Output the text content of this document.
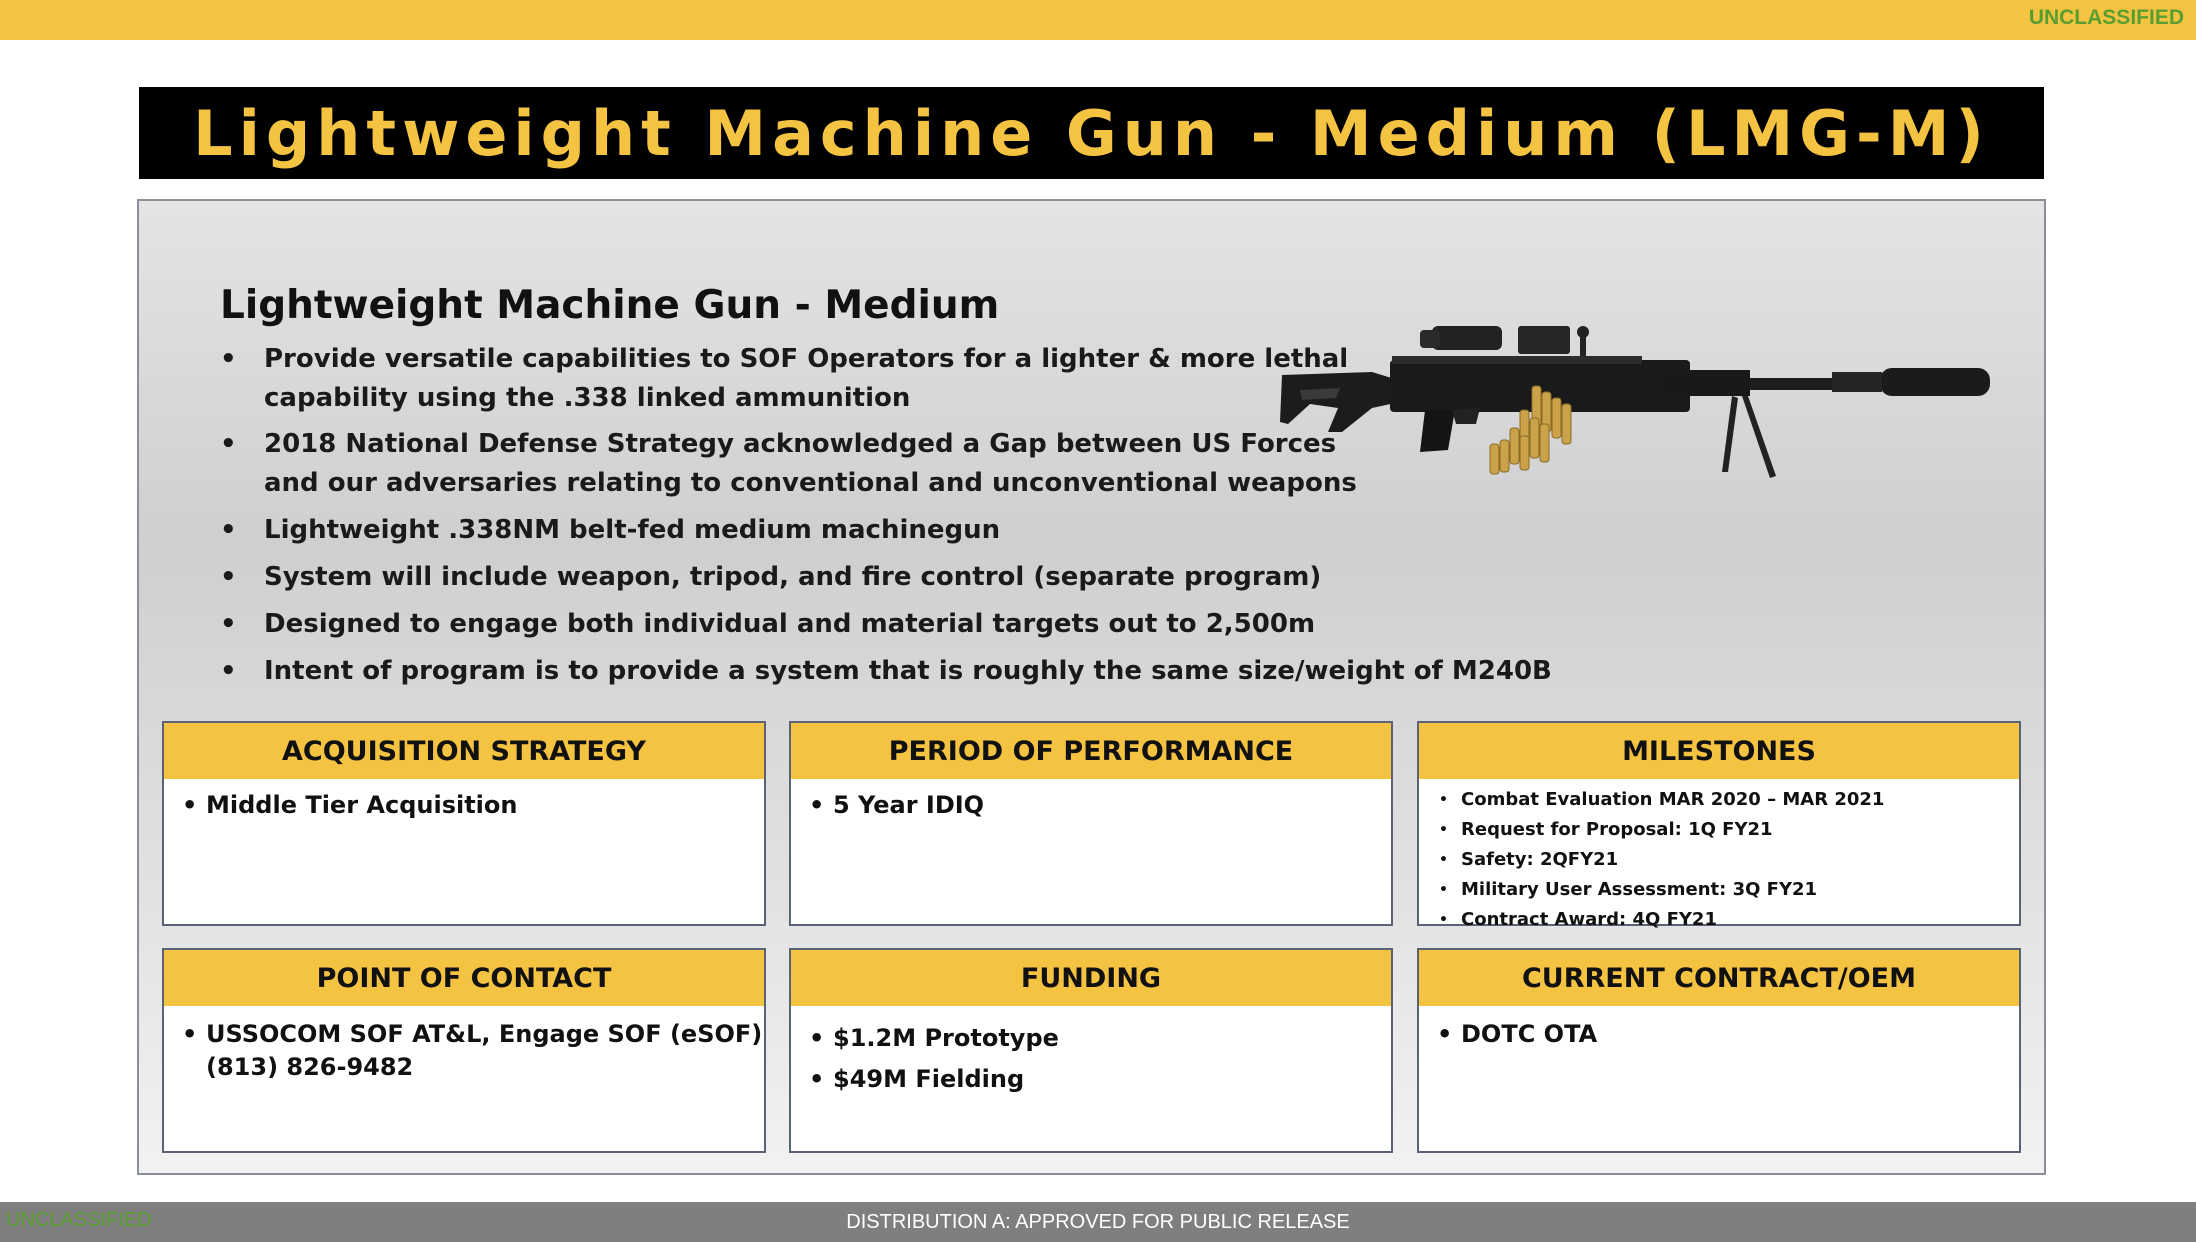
UNCLASSIFIED
Lightweight Machine Gun - Medium (LMG-M)
Lightweight Machine Gun - Medium
• Provide versatile capabilities to SOF Operators for a lighter & more lethal
capability using the .338 linked ammunition
• 2018 National Defense Strategy acknowledged a Gap between US Forces
and our adversaries relating to conventional and unconventional weapons
• Lightweight .338NM belt-fed medium machinegun
• System will include weapon, tripod, and fire control (separate program)
• Designed to engage both individual and material targets out to 2,500m
• Intent of program is to provide a system that is roughly the same size/weight of M240B
ACQUISITION STRATEGY
• Middle Tier Acquisition
PERIOD OF PERFORMANCE
• 5 Year IDIQ
MILESTONES
• Combat Evaluation MAR 2020 – MAR 2021
• Request for Proposal: 1Q FY21
• Safety: 2QFY21
• Military User Assessment: 3Q FY21
• Contract Award: 4Q FY21
POINT OF CONTACT
• USSOCOM SOF AT&L, Engage SOF (eSOF)
(813) 826-9482
FUNDING
• $1.2M Prototype
• $49M Fielding
CURRENT CONTRACT/OEM
• DOTC OTA
UNCLASSIFIED	DISTRIBUTION A: APPROVED FOR PUBLIC RELEASE
